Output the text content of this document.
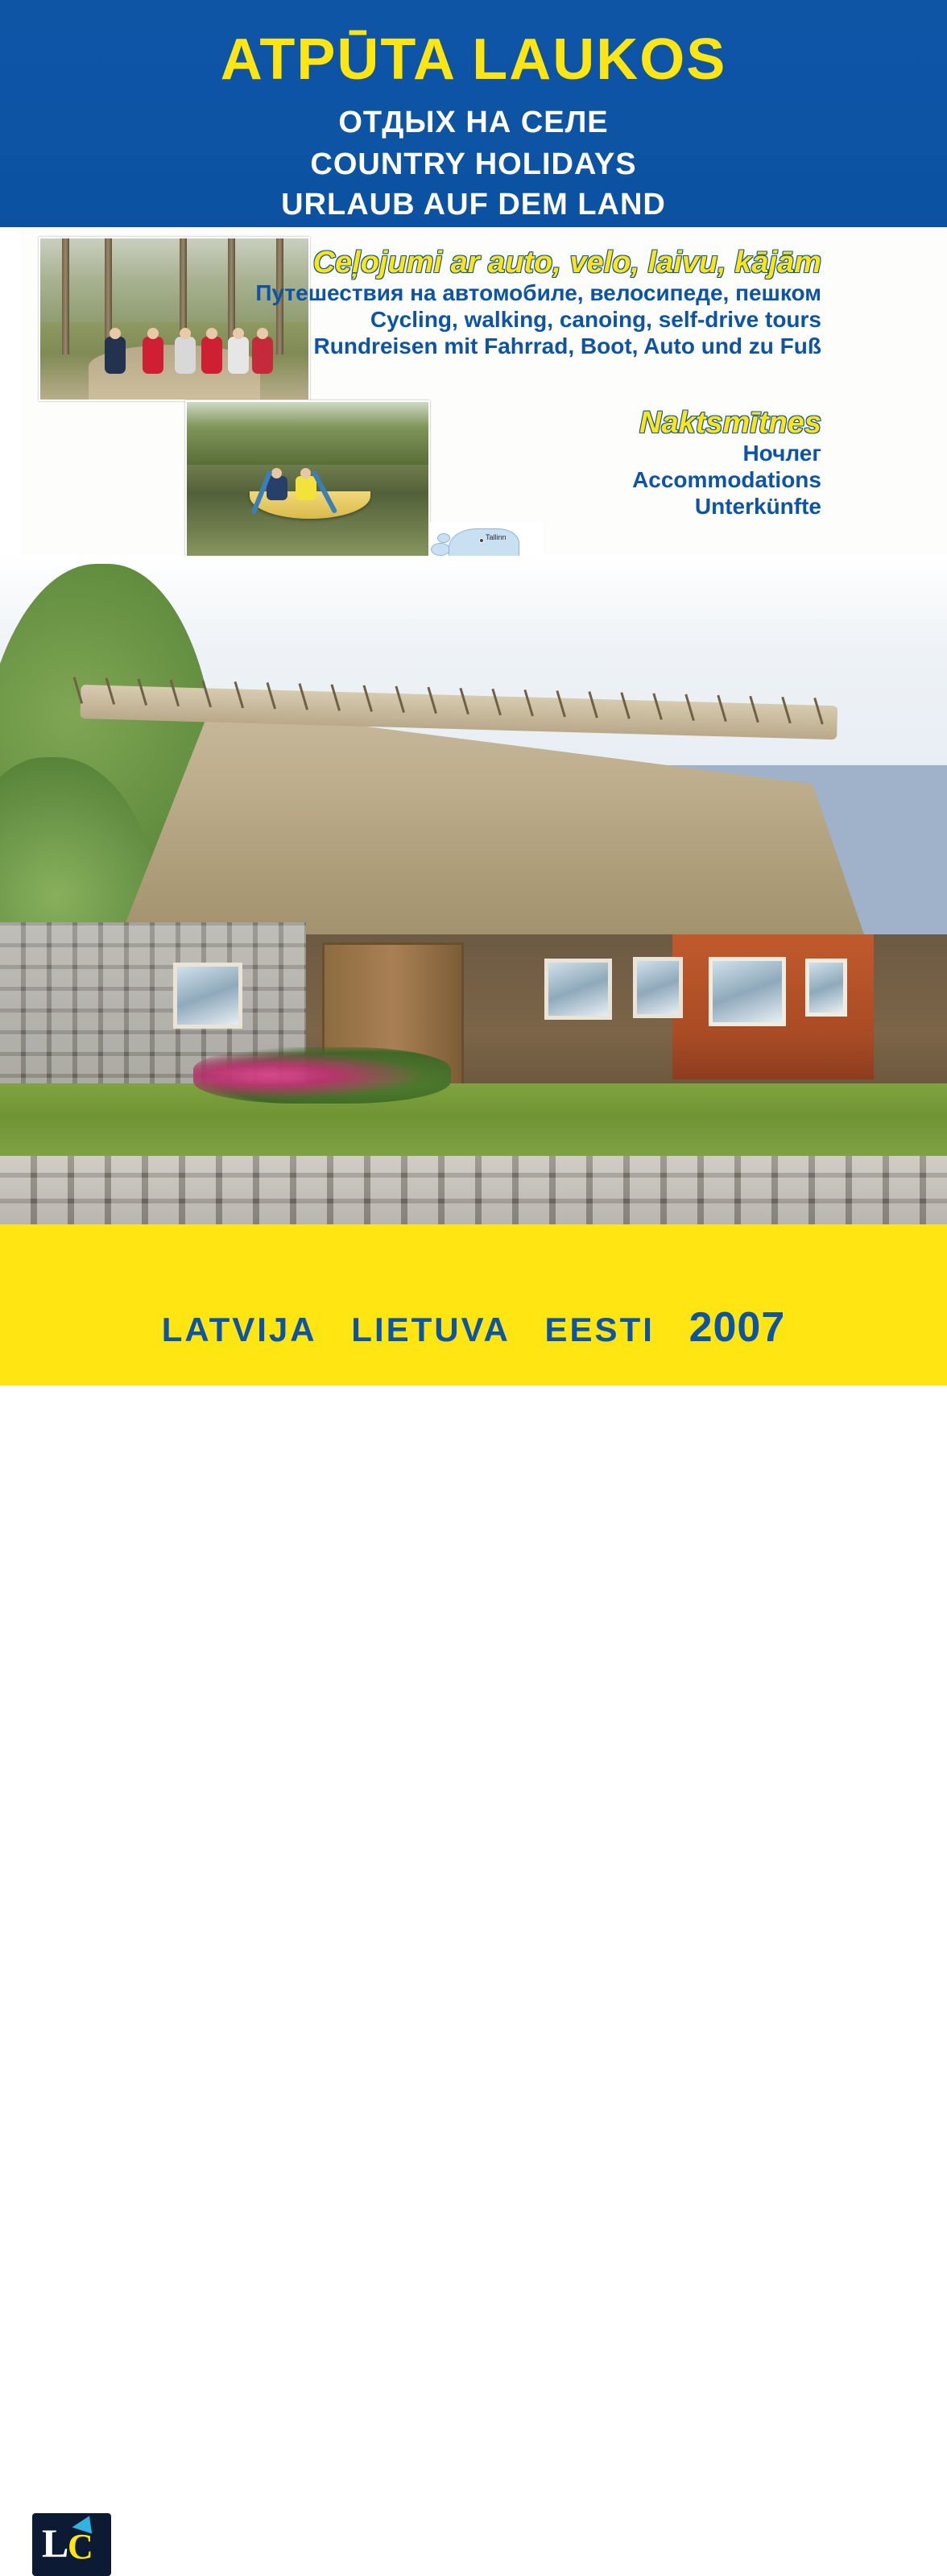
ATPŪTA LAUKOS
ОТДЫХ НА СЕЛЕ
COUNTRY HOLIDAYS
URLAUB AUF DEM LAND
Tallinn
Ceļojumi ar auto, velo, laivu, kājām
Путешествия на автомобиле, велосипеде, пешком
Cycling, walking, canoing, self-drive tours
Rundreisen mit Fahrrad, Boot, Auto und zu Fuß
Naktsmītnes
Ночлег
Accommodations
Unterkünfte
L
C
LATVIJA LIETUVA EESTI 2007
